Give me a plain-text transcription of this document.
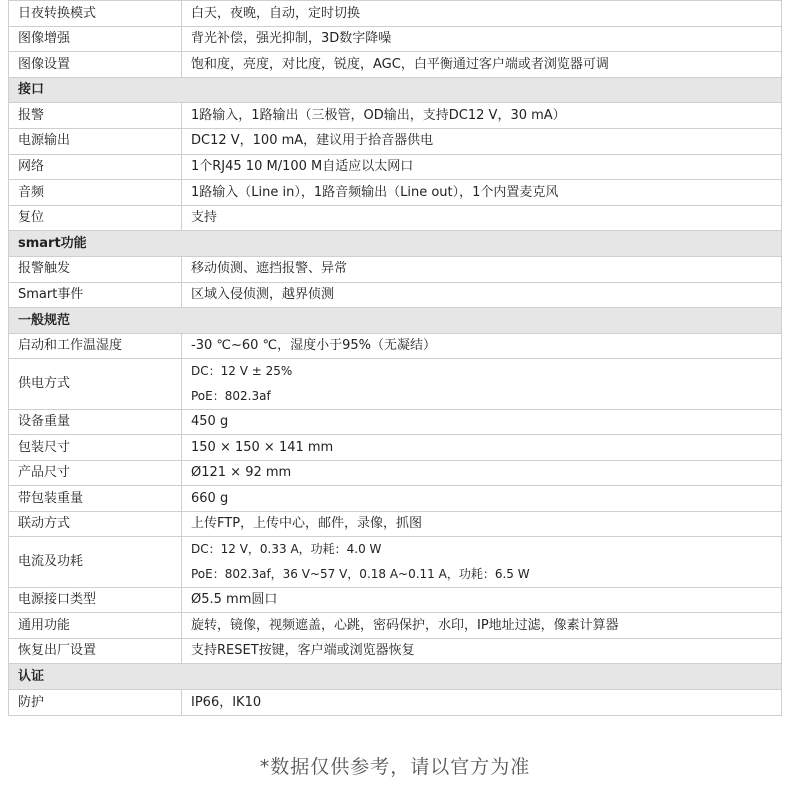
日夜转换模式	白天，夜晚，自动，定时切换
图像增强	背光补偿，强光抑制，3D数字降噪
图像设置	饱和度，亮度，对比度，锐度，AGC，白平衡通过客户端或者浏览器可调
接口	
报警	1路输入，1路输出（三极管，OD输出，支持DC12 V，30 mA）
电源输出	DC12 V，100 mA，建议用于拾音器供电
网络	1个RJ45 10 M/100 M自适应以太网口
音频	1路输入（Line in），1路音频输出（Line out），1个内置麦克风
复位	支持
smart功能	
报警触发	移动侦测、遮挡报警、异常
Smart事件	区域入侵侦测，越界侦测
一般规范	
启动和工作温湿度	-30 ℃~60 ℃，湿度小于95%（无凝结）
供电方式	DC：12 V ± 25%
PoE：802.3af

设备重量	450 g
包装尺寸	150 × 150 × 141 mm
产品尺寸	Ø121 × 92 mm
带包装重量	660 g
联动方式	上传FTP，上传中心，邮件，录像，抓图
电流及功耗	DC：12 V，0.33 A，功耗：4.0 W
PoE：802.3af，36 V~57 V，0.18 A~0.11 A，功耗：6.5 W

电源接口类型	Ø5.5 mm圆口
通用功能	旋转，镜像，视频遮盖，心跳，密码保护，水印，IP地址过滤，像素计算器
恢复出厂设置	支持RESET按键，客户端或浏览器恢复
认证	
防护	IP66，IK10
*数据仅供参考，请以官方为准
